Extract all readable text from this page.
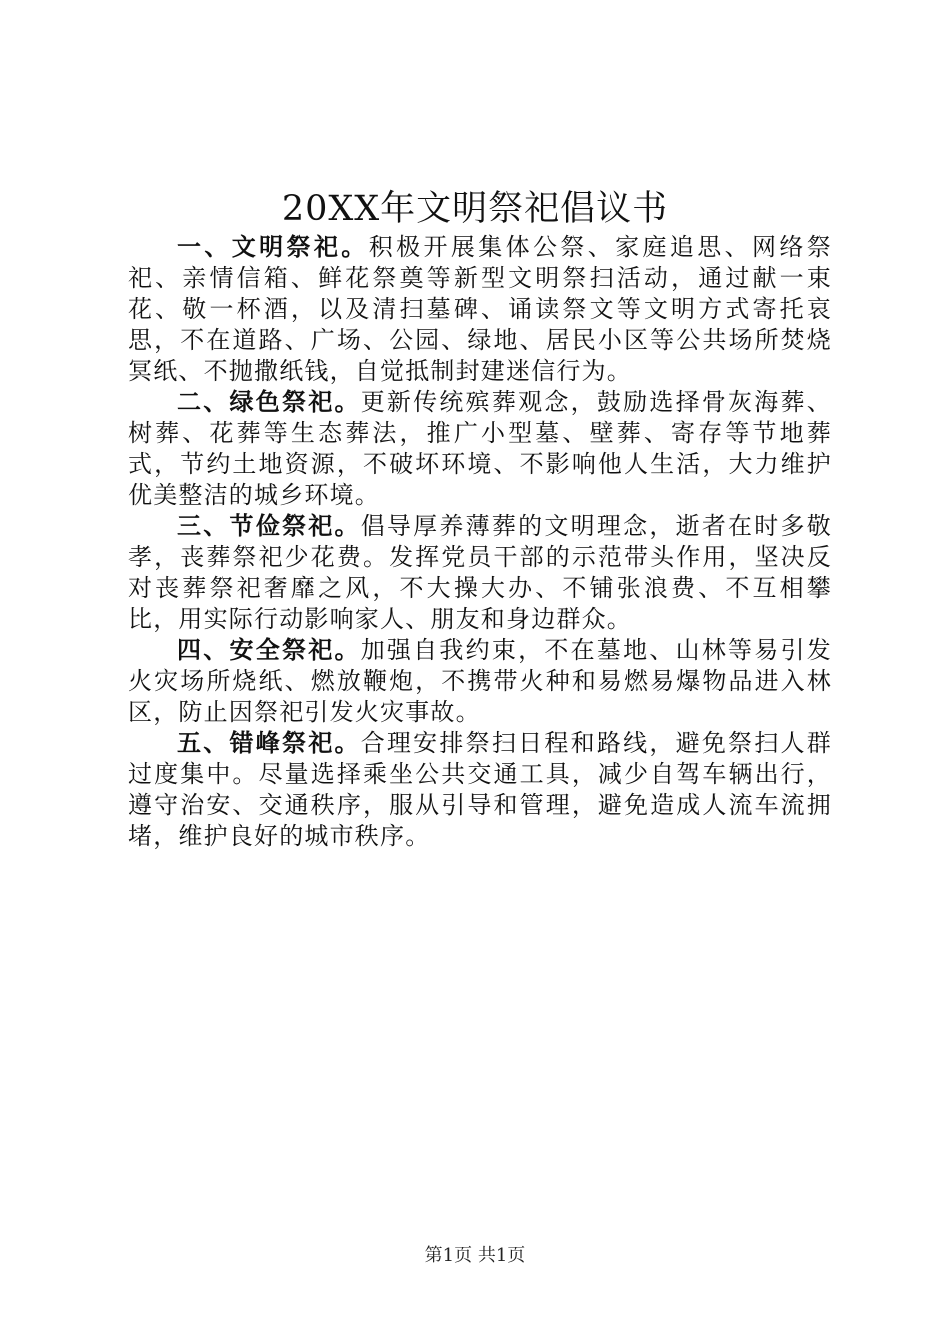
20XX年文明祭祀倡议书

一、文明祭祀。积极开展集体公祭、家庭追思、网络祭祀、亲情信箱、鲜花祭奠等新型文明祭扫活动，通过献一束花、敬一杯酒，以及清扫墓碑、诵读祭文等文明方式寄托哀思，不在道路、广场、公园、绿地、居民小区等公共场所焚烧冥纸、不抛撒纸钱，自觉抵制封建迷信行为。

二、绿色祭祀。更新传统殡葬观念，鼓励选择骨灰海葬、树葬、花葬等生态葬法，推广小型墓、壁葬、寄存等节地葬式，节约土地资源，不破坏环境、不影响他人生活，大力维护优美整洁的城乡环境。

三、节俭祭祀。倡导厚养薄葬的文明理念，逝者在时多敬孝，丧葬祭祀少花费。发挥党员干部的示范带头作用，坚决反对丧葬祭祀奢靡之风，不大操大办、不铺张浪费、不互相攀比，用实际行动影响家人、朋友和身边群众。

四、安全祭祀。加强自我约束，不在墓地、山林等易引发火灾场所烧纸、燃放鞭炮，不携带火种和易燃易爆物品进入林区，防止因祭祀引发火灾事故。

五、错峰祭祀。合理安排祭扫日程和路线，避免祭扫人群过度集中。尽量选择乘坐公共交通工具，减少自驾车辆出行，遵守治安、交通秩序，服从引导和管理，避免造成人流车流拥堵，维护良好的城市秩序。

第1页 共1页
